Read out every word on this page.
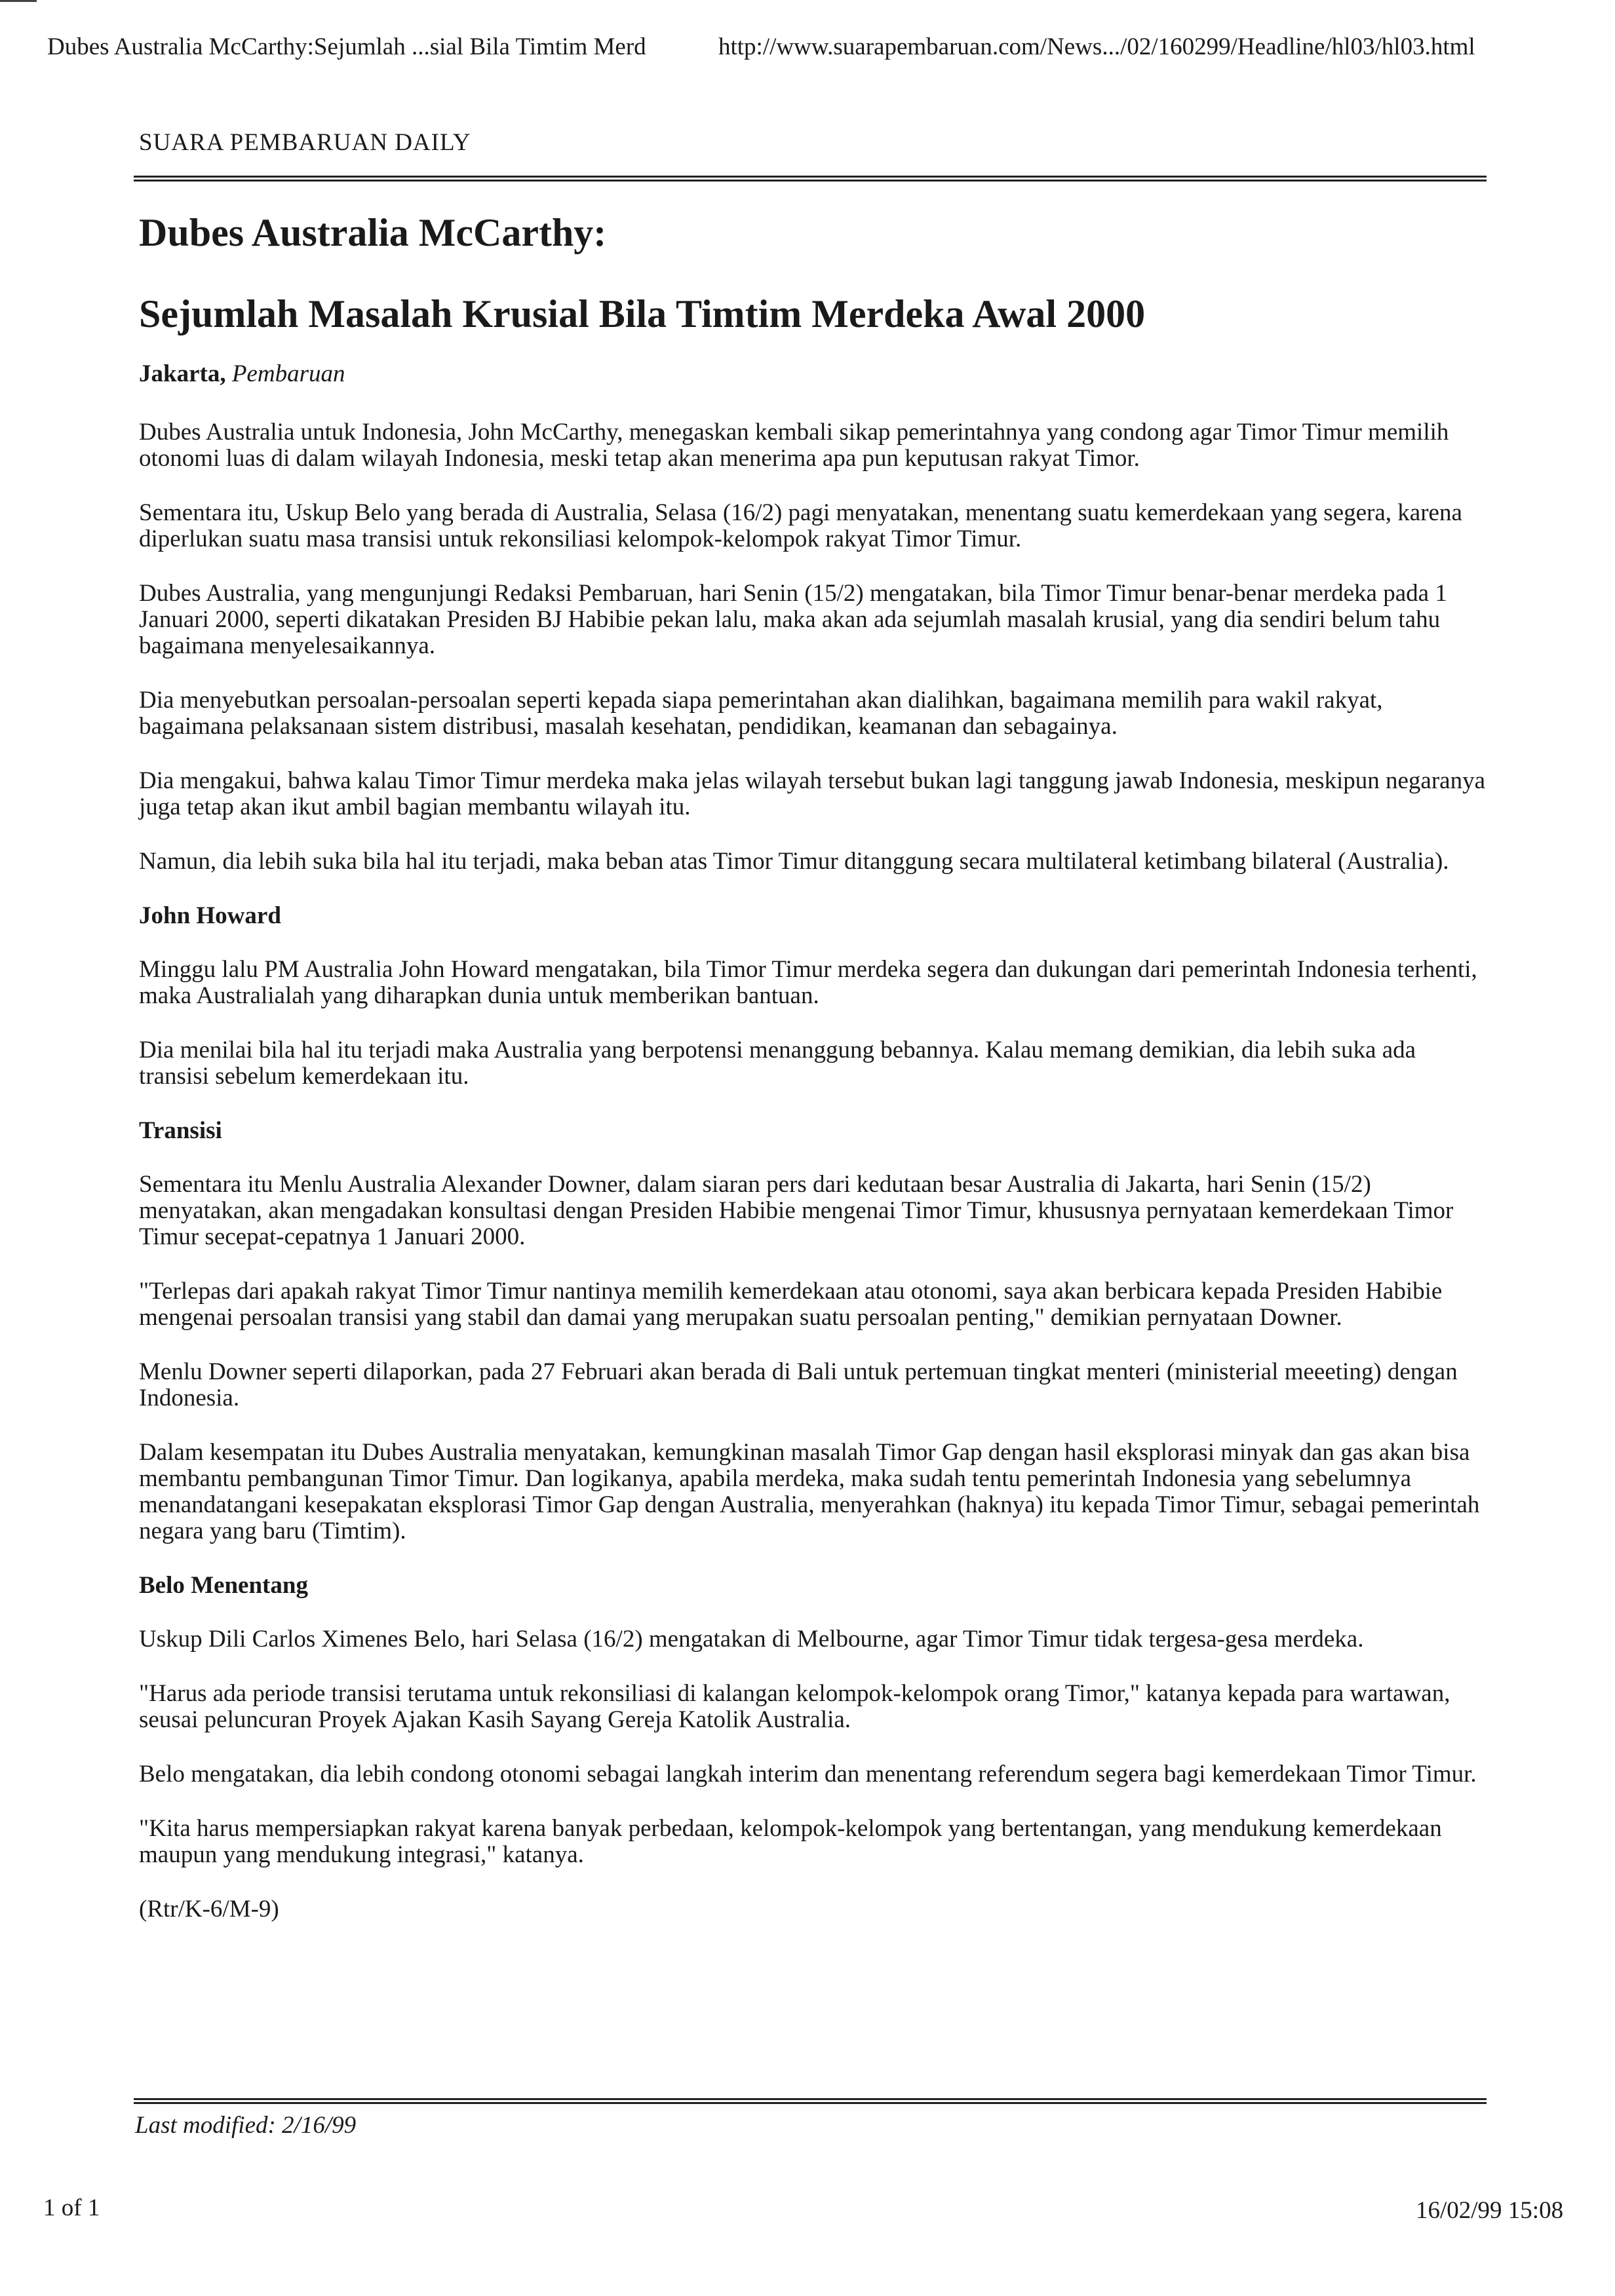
Dubes Australia McCarthy:Sejumlah ...sial Bila Timtim Merd	http://www.suarapembaruan.com/News.../02/160299/Headline/hl03/hl03.html
SUARA PEMBARUAN DAILY
Dubes Australia McCarthy:
Sejumlah Masalah Krusial Bila Timtim Merdeka Awal 2000
Jakarta, Pembaruan

Dubes Australia untuk Indonesia, John McCarthy, menegaskan kembali sikap pemerintahnya yang condong agar Timor Timur memilih otonomi luas di dalam wilayah Indonesia, meski tetap akan menerima apa pun keputusan rakyat Timor.

Sementara itu, Uskup Belo yang berada di Australia, Selasa (16/2) pagi menyatakan, menentang suatu kemerdekaan yang segera, karena diperlukan suatu masa transisi untuk rekonsiliasi kelompok-kelompok rakyat Timor Timur.

Dubes Australia, yang mengunjungi Redaksi Pembaruan, hari Senin (15/2) mengatakan, bila Timor Timur benar-benar merdeka pada 1 Januari 2000, seperti dikatakan Presiden BJ Habibie pekan lalu, maka akan ada sejumlah masalah krusial, yang dia sendiri belum tahu bagaimana menyelesaikannya.

Dia menyebutkan persoalan-persoalan seperti kepada siapa pemerintahan akan dialihkan, bagaimana memilih para wakil rakyat, bagaimana pelaksanaan sistem distribusi, masalah kesehatan, pendidikan, keamanan dan sebagainya.

Dia mengakui, bahwa kalau Timor Timur merdeka maka jelas wilayah tersebut bukan lagi tanggung jawab Indonesia, meskipun negaranya juga tetap akan ikut ambil bagian membantu wilayah itu.

Namun, dia lebih suka bila hal itu terjadi, maka beban atas Timor Timur ditanggung secara multilateral ketimbang bilateral (Australia).

John Howard

Minggu lalu PM Australia John Howard mengatakan, bila Timor Timur merdeka segera dan dukungan dari pemerintah Indonesia terhenti, maka Australialah yang diharapkan dunia untuk memberikan bantuan.

Dia menilai bila hal itu terjadi maka Australia yang berpotensi menanggung bebannya. Kalau memang demikian, dia lebih suka ada transisi sebelum kemerdekaan itu.

Transisi

Sementara itu Menlu Australia Alexander Downer, dalam siaran pers dari kedutaan besar Australia di Jakarta, hari Senin (15/2) menyatakan, akan mengadakan konsultasi dengan Presiden Habibie mengenai Timor Timur, khususnya pernyataan kemerdekaan Timor Timur secepat-cepatnya 1 Januari 2000.

"Terlepas dari apakah rakyat Timor Timur nantinya memilih kemerdekaan atau otonomi, saya akan berbicara kepada Presiden Habibie mengenai persoalan transisi yang stabil dan damai yang merupakan suatu persoalan penting," demikian pernyataan Downer.

Menlu Downer seperti dilaporkan, pada 27 Februari akan berada di Bali untuk pertemuan tingkat menteri (ministerial meeeting) dengan Indonesia.

Dalam kesempatan itu Dubes Australia menyatakan, kemungkinan masalah Timor Gap dengan hasil eksplorasi minyak dan gas akan bisa membantu pembangunan Timor Timur. Dan logikanya, apabila merdeka, maka sudah tentu pemerintah Indonesia yang sebelumnya menandatangani kesepakatan eksplorasi Timor Gap dengan Australia, menyerahkan (haknya) itu kepada Timor Timur, sebagai pemerintah negara yang baru (Timtim).

Belo Menentang

Uskup Dili Carlos Ximenes Belo, hari Selasa (16/2) mengatakan di Melbourne, agar Timor Timur tidak tergesa-gesa merdeka.

"Harus ada periode transisi terutama untuk rekonsiliasi di kalangan kelompok-kelompok orang Timor," katanya kepada para wartawan, seusai peluncuran Proyek Ajakan Kasih Sayang Gereja Katolik Australia.

Belo mengatakan, dia lebih condong otonomi sebagai langkah interim dan menentang referendum segera bagi kemerdekaan Timor Timur.

"Kita harus mempersiapkan rakyat karena banyak perbedaan, kelompok-kelompok yang bertentangan, yang mendukung kemerdekaan maupun yang mendukung integrasi," katanya.

(Rtr/K-6/M-9)

Last modified: 2/16/99
1 of 1	16/02/99 15:08
